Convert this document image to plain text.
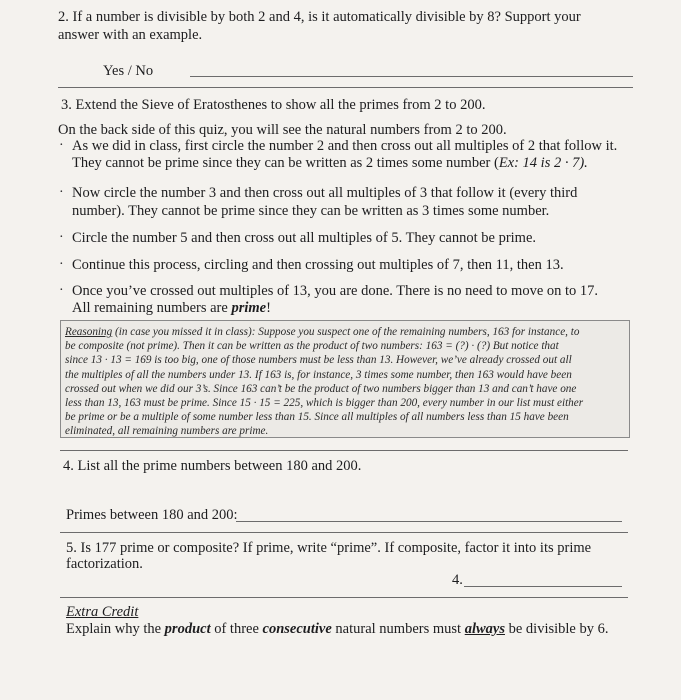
2. If a number is divisible by both 2 and 4, is it automatically divisible by 8? Support your
answer with an example.
Yes / No
3. Extend the Sieve of Eratosthenes to show all the primes from 2 to 200.
On the back side of this quiz, you will see the natural numbers from 2 to 200.
· As we did in class, first circle the number 2 and then cross out all multiples of 2 that follow it.
They cannot be prime since they can be written as 2 times some number (Ex: 14 is 2 · 7).
· Now circle the number 3 and then cross out all multiples of 3 that follow it (every third
number). They cannot be prime since they can be written as 3 times some number.
· Circle the number 5 and then cross out all multiples of 5. They cannot be prime.
· Continue this process, circling and then crossing out multiples of 7, then 11, then 13.
· Once you’ve crossed out multiples of 13, you are done. There is no need to move on to 17.
All remaining numbers are prime!
Reasoning (in case you missed it in class): Suppose you suspect one of the remaining numbers, 163 for instance, to
be composite (not prime). Then it can be written as the product of two numbers: 163 = (?) · (?) But notice that
since 13 · 13 = 169 is too big, one of those numbers must be less than 13. However, we’ve already crossed out all
the multiples of all the numbers under 13. If 163 is, for instance, 3 times some number, then 163 would have been
crossed out when we did our 3’s. Since 163 can’t be the product of two numbers bigger than 13 and can’t have one
less than 13, 163 must be prime. Since 15 · 15 = 225, which is bigger than 200, every number in our list must either
be prime or be a multiple of some number less than 15. Since all multiples of all numbers less than 15 have been
eliminated, all remaining numbers are prime.
4. List all the prime numbers between 180 and 200.
Primes between 180 and 200:
5. Is 177 prime or composite? If prime, write “prime”. If composite, factor it into its prime
factorization.
4.
Extra Credit
Explain why the product of three consecutive natural numbers must always be divisible by 6.
